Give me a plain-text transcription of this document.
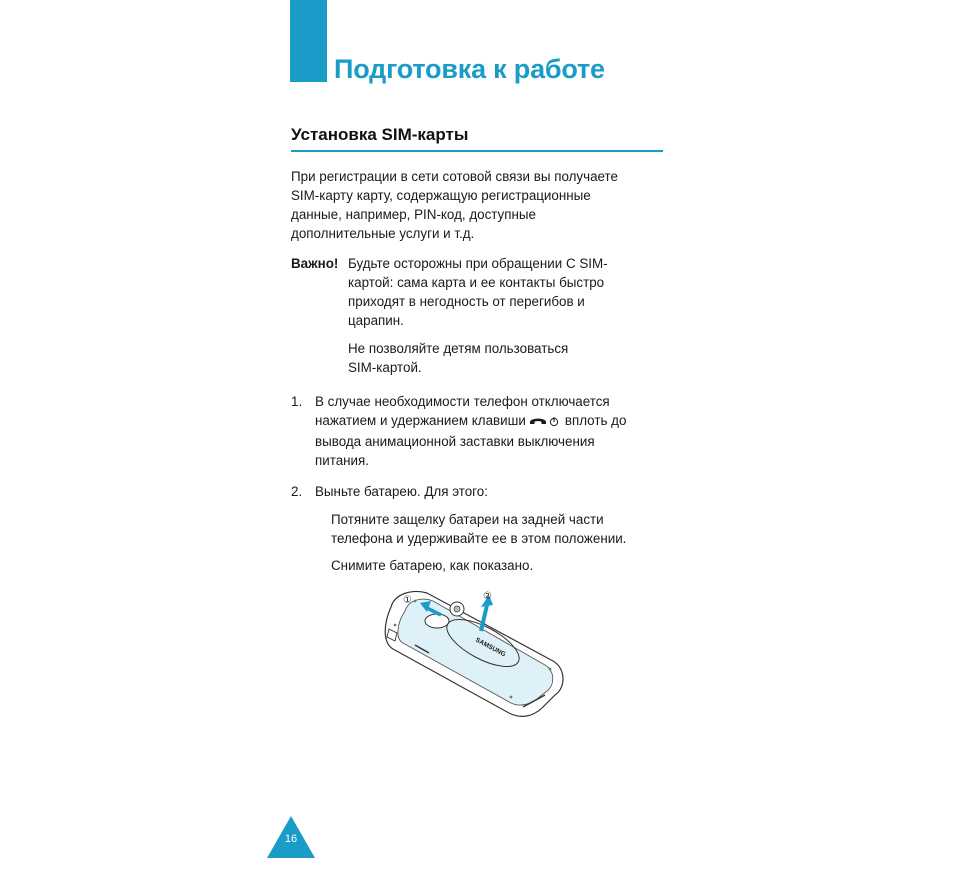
Подготовка к работе
Установка SIM-карты
При регистрации в сети сотовой связи вы получаете
SIM-карту карту, содержащую регистрационные
данные, например, PIN-код, доступные
дополнительные услуги и т.д.
Важно! Будьте осторожны при обращении С SIM-
картой: сама карта и ее контакты быстро
приходят в негодность от перегибов и
царапин.
Не позволяйте детям пользоваться
SIM-картой.
1. В случае необходимости телефон отключается
нажатием и удержанием клавиши	вплоть до
вывода анимационной заставки выключения
питания.
2. Выньте батарею. Для этого:
Потяните защелку батареи на задней части
телефона и удерживайте ее в этом положении.
Снимите батарею, как показано.
SAMSUNG
①	②
16
